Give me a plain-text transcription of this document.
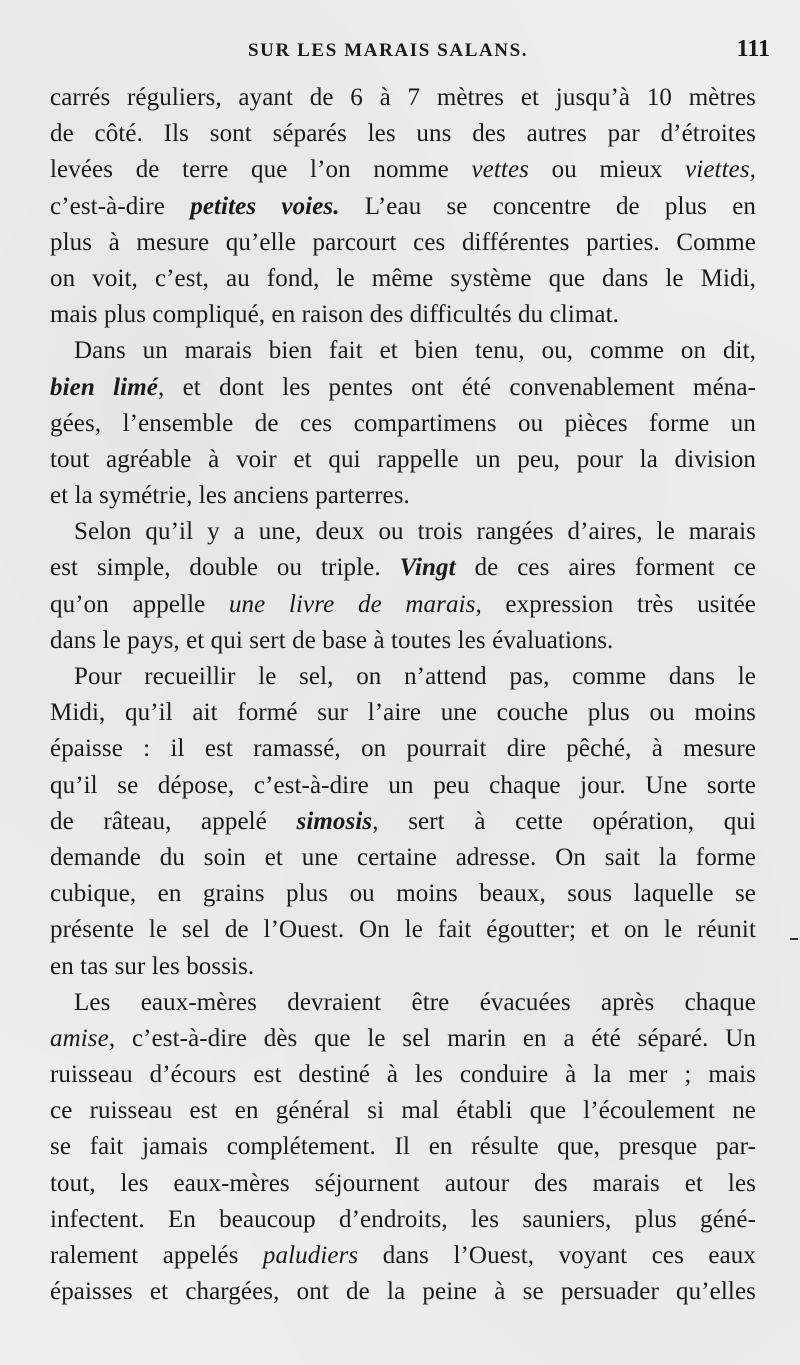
SUR LES MARAIS SALANS.	111
carrés réguliers, ayant de 6 à 7 mètres et jusqu’à 10 mètres
de côté. Ils sont séparés les uns des autres par d’étroites
levées de terre que l’on nomme vettes ou mieux viettes,
c’est-à-dire petites voies. L’eau se concentre de plus en
plus à mesure qu’elle parcourt ces différentes parties. Comme
on voit, c’est, au fond, le même système que dans le Midi,
mais plus compliqué, en raison des difficultés du climat.
Dans un marais bien fait et bien tenu, ou, comme on dit,
bien limé, et dont les pentes ont été convenablement ména-
gées, l’ensemble de ces compartimens ou pièces forme un
tout agréable à voir et qui rappelle un peu, pour la division
et la symétrie, les anciens parterres.
Selon qu’il y a une, deux ou trois rangées d’aires, le marais
est simple, double ou triple. Vingt de ces aires forment ce
qu’on appelle une livre de marais, expression très usitée
dans le pays, et qui sert de base à toutes les évaluations.
Pour recueillir le sel, on n’attend pas, comme dans le
Midi, qu’il ait formé sur l’aire une couche plus ou moins
épaisse : il est ramassé, on pourrait dire pêché, à mesure
qu’il se dépose, c’est-à-dire un peu chaque jour. Une sorte
de râteau, appelé simosis, sert à cette opération, qui
demande du soin et une certaine adresse. On sait la forme
cubique, en grains plus ou moins beaux, sous laquelle se
présente le sel de l’Ouest. On le fait égoutter; et on le réunit
en tas sur les bossis.
Les eaux-mères devraient être évacuées après chaque
amise, c’est-à-dire dès que le sel marin en a été séparé. Un
ruisseau d’écours est destiné à les conduire à la mer ; mais
ce ruisseau est en général si mal établi que l’écoulement ne
se fait jamais complétement. Il en résulte que, presque par-
tout, les eaux-mères séjournent autour des marais et les
infectent. En beaucoup d’endroits, les sauniers, plus géné-
ralement appelés paludiers dans l’Ouest, voyant ces eaux
épaisses et chargées, ont de la peine à se persuader qu’elles
